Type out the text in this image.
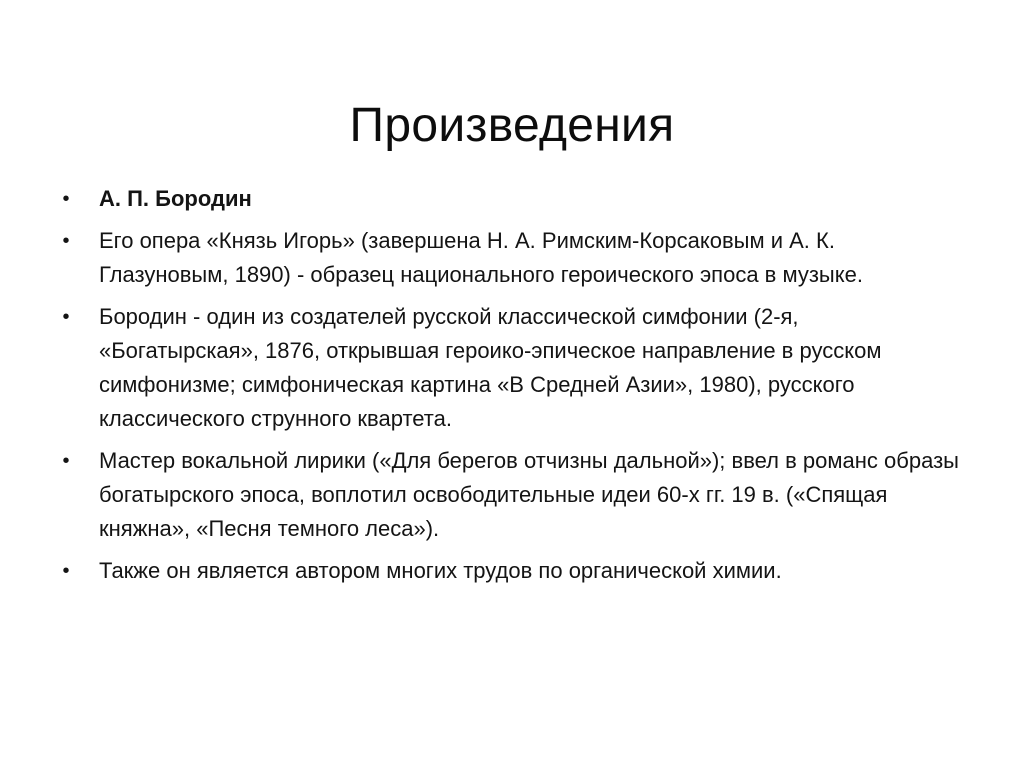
Произведения
• А. П. Бородин
• Его опера «Князь Игорь» (завершена Н. А. Римским-Корсаковым и А. К. Глазуновым, 1890) - образец национального героического эпоса в музыке.
• Бородин - один из создателей русской классической симфонии (2-я, «Богатырская», 1876, открывшая героико-эпическое направление в русском симфонизме; симфоническая картина «В Средней Азии», 1980), русского классического струнного квартета.
• Мастер вокальной лирики («Для берегов отчизны дальной»); ввел в романс образы богатырского эпоса, воплотил освободительные идеи 60-х гг. 19 в. («Спящая княжна», «Песня темного леса»).
• Также он является автором многих трудов по органической химии.
